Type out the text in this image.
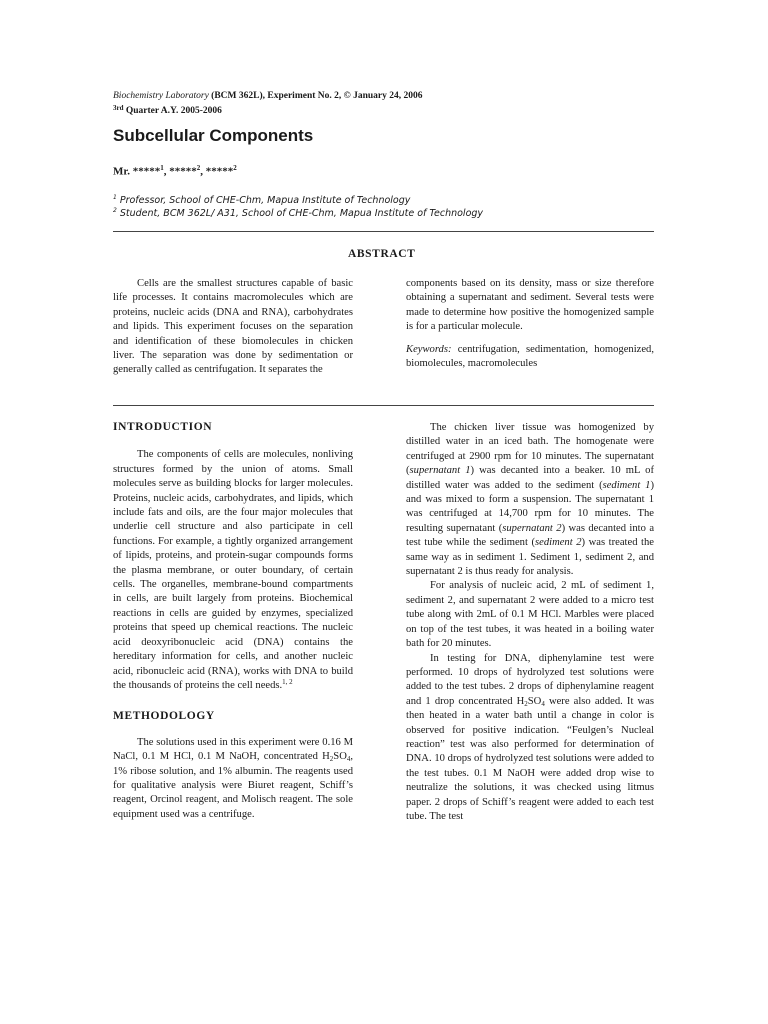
Biochemistry Laboratory (BCM 362L), Experiment No. 2, © January 24, 2006
$^{3rd}$ Quarter A.Y. 2005-2006
Subcellular Components
Mr. *****$^1$, *****$^2$, *****$^2$
$^1$ Professor, School of CHE-Chm, Mapua Institute of Technology
$^2$ Student, BCM 362L/ A31, School of CHE-Chm, Mapua Institute of Technology
ABSTRACT

Cells are the smallest structures capable of basic life processes. It contains macromolecules which are proteins, nucleic acids (DNA and RNA), carbohydrates and lipids. This experiment focuses on the separation and identification of these biomolecules in chicken liver. The separation was done by sedimentation or generally called as centrifugation. It separates the

components based on its density, mass or size therefore obtaining a supernatant and sediment. Several tests were made to determine how positive the homogenized sample is for a particular molecule.

Keywords: centrifugation, sedimentation, homogenized, biomolecules, macromolecules

INTRODUCTION

The components of cells are molecules, nonliving structures formed by the union of atoms. Small molecules serve as building blocks for larger molecules. Proteins, nucleic acids, carbohydrates, and lipids, which include fats and oils, are the four major molecules that underlie cell structure and also participate in cell functions. For example, a tightly organized arrangement of lipids, proteins, and protein-sugar compounds forms the plasma membrane, or outer boundary, of certain cells. The organelles, membrane-bound compartments in cells, are built largely from proteins. Biochemical reactions in cells are guided by enzymes, specialized proteins that speed up chemical reactions. The nucleic acid deoxyribonucleic acid (DNA) contains the hereditary information for cells, and another nucleic acid, ribonucleic acid (RNA), works with DNA to build the thousands of proteins the cell needs.$^{1, 2}$

METHODOLOGY

The solutions used in this experiment were 0.16 M NaCl, 0.1 M HCl, 0.1 M NaOH, concentrated $H_2SO_4$, 1% ribose solution, and 1% albumin. The reagents used for qualitative analysis were Biuret reagent, Schiff’s reagent, Orcinol reagent, and Molisch reagent. The sole equipment used was a centrifuge.

The chicken liver tissue was homogenized by distilled water in an iced bath. The homogenate were centrifuged at 2900 rpm for 10 minutes. The supernatant (supernatant 1) was decanted into a beaker. 10 mL of distilled water was added to the sediment (sediment 1) and was mixed to form a suspension. The supernatant 1 was centrifuged at 14,700 rpm for 10 minutes. The resulting supernatant (supernatant 2) was decanted into a test tube while the sediment (sediment 2) was treated the same way as in sediment 1. Sediment 1, sediment 2, and supernatant 2 is thus ready for analysis.

For analysis of nucleic acid, 2 mL of sediment 1, sediment 2, and supernatant 2 were added to a micro test tube along with 2mL of 0.1 M HCl. Marbles were placed on top of the test tubes, it was heated in a boiling water bath for 20 minutes.

In testing for DNA, diphenylamine test were performed. 10 drops of hydrolyzed test solutions were added to the test tubes. 2 drops of diphenylamine reagent and 1 drop concentrated $H_2SO_4$ were also added. It was then heated in a water bath until a change in color is observed for positive indication. “Feulgen’s Nucleal reaction” test was also performed for determination of DNA. 10 drops of hydrolyzed test solutions were added to the test tubes. 0.1 M NaOH were added drop wise to neutralize the solutions, it was checked using litmus paper. 2 drops of Schiff’s reagent were added to each test tube. The test
